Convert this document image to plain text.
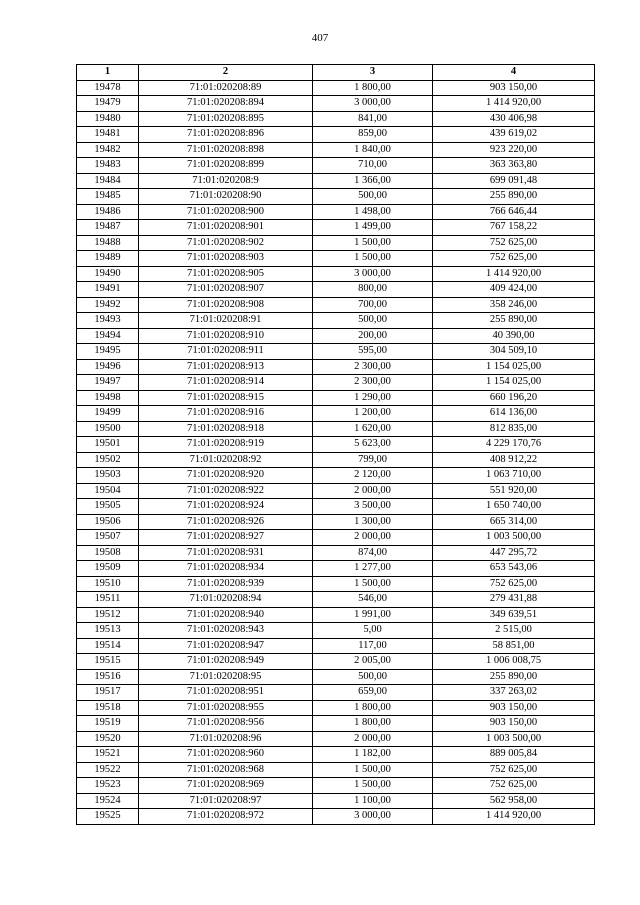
407
1	2	3	4
19478	71:01:020208:89	1 800,00	903 150,00
19479	71:01:020208:894	3 000,00	1 414 920,00
19480	71:01:020208:895	841,00	430 406,98
19481	71:01:020208:896	859,00	439 619,02
19482	71:01:020208:898	1 840,00	923 220,00
19483	71:01:020208:899	710,00	363 363,80
19484	71:01:020208:9	1 366,00	699 091,48
19485	71:01:020208:90	500,00	255 890,00
19486	71:01:020208:900	1 498,00	766 646,44
19487	71:01:020208:901	1 499,00	767 158,22
19488	71:01:020208:902	1 500,00	752 625,00
19489	71:01:020208:903	1 500,00	752 625,00
19490	71:01:020208:905	3 000,00	1 414 920,00
19491	71:01:020208:907	800,00	409 424,00
19492	71:01:020208:908	700,00	358 246,00
19493	71:01:020208:91	500,00	255 890,00
19494	71:01:020208:910	200,00	40 390,00
19495	71:01:020208:911	595,00	304 509,10
19496	71:01:020208:913	2 300,00	1 154 025,00
19497	71:01:020208:914	2 300,00	1 154 025,00
19498	71:01:020208:915	1 290,00	660 196,20
19499	71:01:020208:916	1 200,00	614 136,00
19500	71:01:020208:918	1 620,00	812 835,00
19501	71:01:020208:919	5 623,00	4 229 170,76
19502	71:01:020208:92	799,00	408 912,22
19503	71:01:020208:920	2 120,00	1 063 710,00
19504	71:01:020208:922	2 000,00	551 920,00
19505	71:01:020208:924	3 500,00	1 650 740,00
19506	71:01:020208:926	1 300,00	665 314,00
19507	71:01:020208:927	2 000,00	1 003 500,00
19508	71:01:020208:931	874,00	447 295,72
19509	71:01:020208:934	1 277,00	653 543,06
19510	71:01:020208:939	1 500,00	752 625,00
19511	71:01:020208:94	546,00	279 431,88
19512	71:01:020208:940	1 991,00	349 639,51
19513	71:01:020208:943	5,00	2 515,00
19514	71:01:020208:947	117,00	58 851,00
19515	71:01:020208:949	2 005,00	1 006 008,75
19516	71:01:020208:95	500,00	255 890,00
19517	71:01:020208:951	659,00	337 263,02
19518	71:01:020208:955	1 800,00	903 150,00
19519	71:01:020208:956	1 800,00	903 150,00
19520	71:01:020208:96	2 000,00	1 003 500,00
19521	71:01:020208:960	1 182,00	889 005,84
19522	71:01:020208:968	1 500,00	752 625,00
19523	71:01:020208:969	1 500,00	752 625,00
19524	71:01:020208:97	1 100,00	562 958,00
19525	71:01:020208:972	3 000,00	1 414 920,00
